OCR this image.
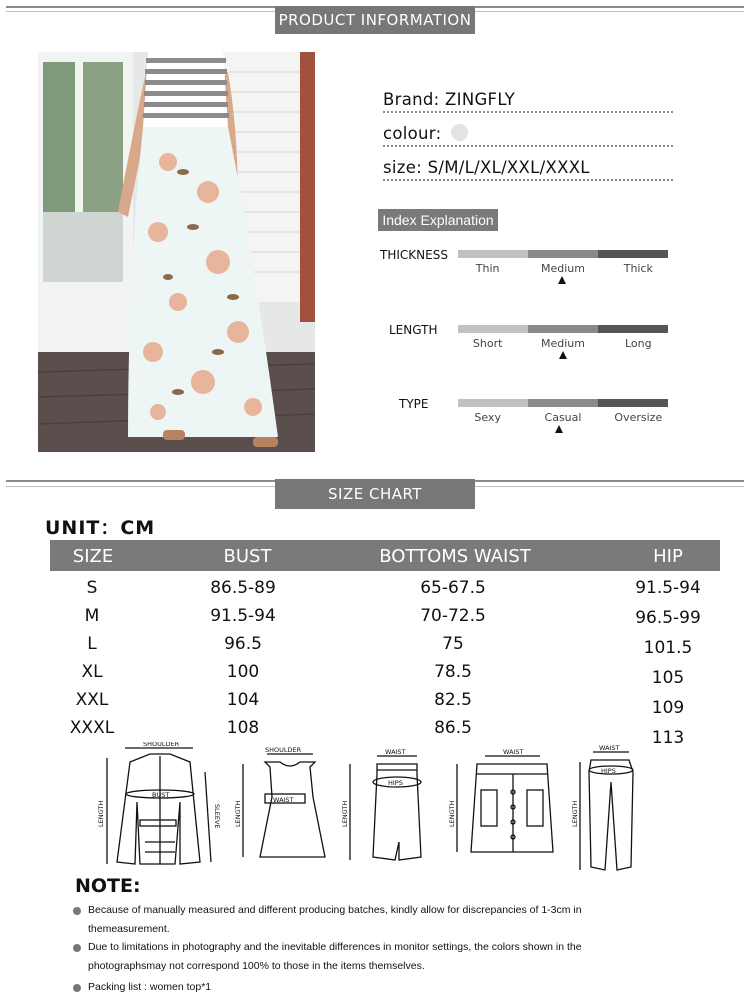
PRODUCT INFORMATION
Brand: ZINGFLY
colour:
size: S/M/L/XL/XXL/XXXL
Index Explanation
THICKNESS
Thin	Medium	Thick
LENGTH
Short	Medium	Long
TYPE
Sexy	Casual	Oversize
SIZE CHART
UNIT：CM
SIZE	BUST	BOTTOMS WAIST	HIP
S	86.5-89	65-67.5	91.5-94
M	91.5-94	70-72.5	96.5-99
L	96.5	75	101.5
XL	100	78.5	105
XXL	104	82.5	109
XXXL	108	86.5	113
SHOULDER
SHOULDER	WAIST	WAIST	WAIST
BUST
WAIST
HIPS
HIPS
LENGTH	LENGTH	LENGTH	LENGTH	LENGTH
SLEEVE
NOTE:
Because of manually measured and different producing batches, kindly allow for discrepancies of 1-3cm in
themeasurement.
Due to limitations in photography and the inevitable differences in monitor settings, the colors shown in the
photographsmay not correspond 100% to those in the items themselves.
Packing list : women top*1
